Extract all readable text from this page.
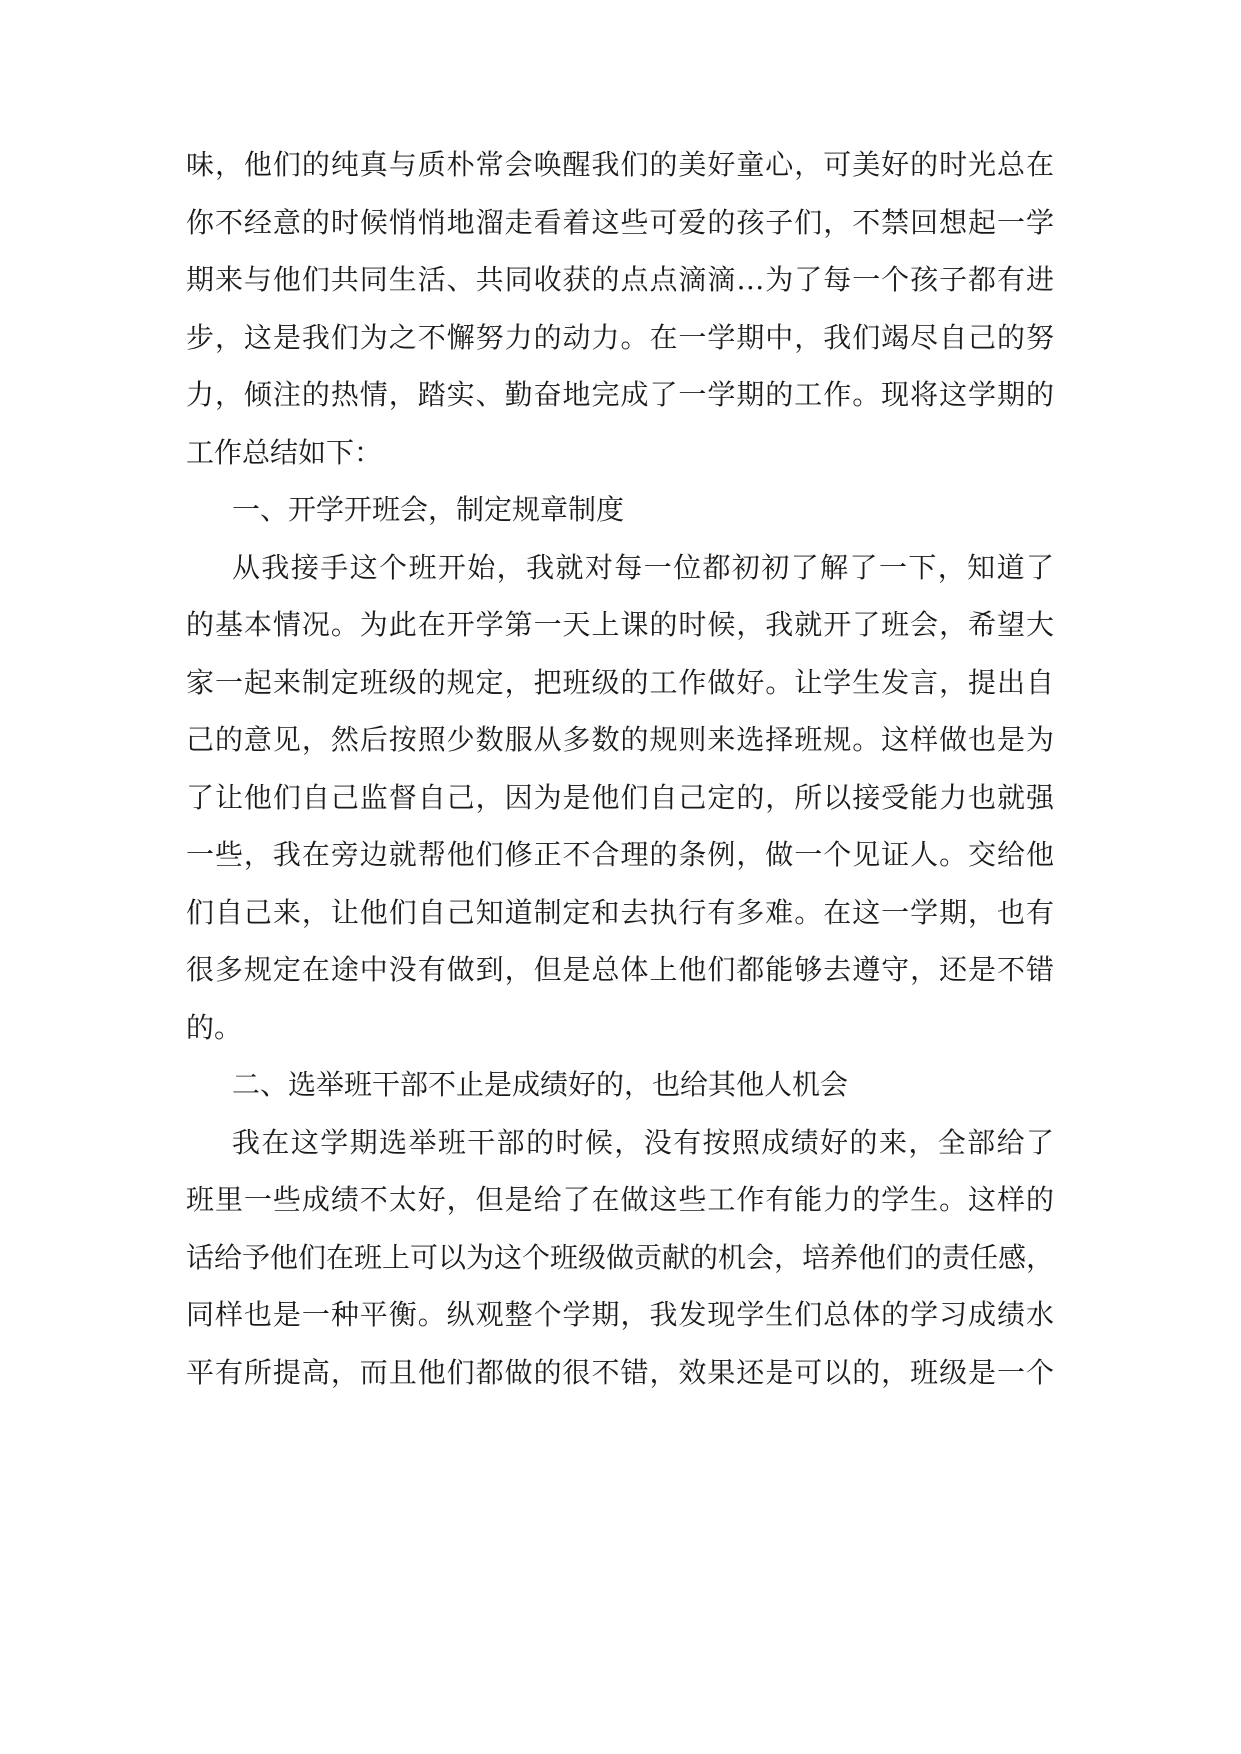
味，他们的纯真与质朴常会唤醒我们的美好童心，可美好的时光总在
你不经意的时候悄悄地溜走看着这些可爱的孩子们，不禁回想起一学
期来与他们共同生活、共同收获的点点滴滴…为了每一个孩子都有进
步，这是我们为之不懈努力的动力。在一学期中，我们竭尽自己的努
力，倾注的热情，踏实、勤奋地完成了一学期的工作。现将这学期的
工作总结如下：
一、开学开班会，制定规章制度
从我接手这个班开始，我就对每一位都初初了解了一下，知道了
的基本情况。为此在开学第一天上课的时候，我就开了班会，希望大
家一起来制定班级的规定，把班级的工作做好。让学生发言，提出自
己的意见，然后按照少数服从多数的规则来选择班规。这样做也是为
了让他们自己监督自己，因为是他们自己定的，所以接受能力也就强
一些，我在旁边就帮他们修正不合理的条例，做一个见证人。交给他
们自己来，让他们自己知道制定和去执行有多难。在这一学期，也有
很多规定在途中没有做到，但是总体上他们都能够去遵守，还是不错
的。
二、选举班干部不止是成绩好的，也给其他人机会
我在这学期选举班干部的时候，没有按照成绩好的来，全部给了
班里一些成绩不太好，但是给了在做这些工作有能力的学生。这样的
话给予他们在班上可以为这个班级做贡献的机会，培养他们的责任感，
同样也是一种平衡。纵观整个学期，我发现学生们总体的学习成绩水
平有所提高，而且他们都做的很不错，效果还是可以的，班级是一个
